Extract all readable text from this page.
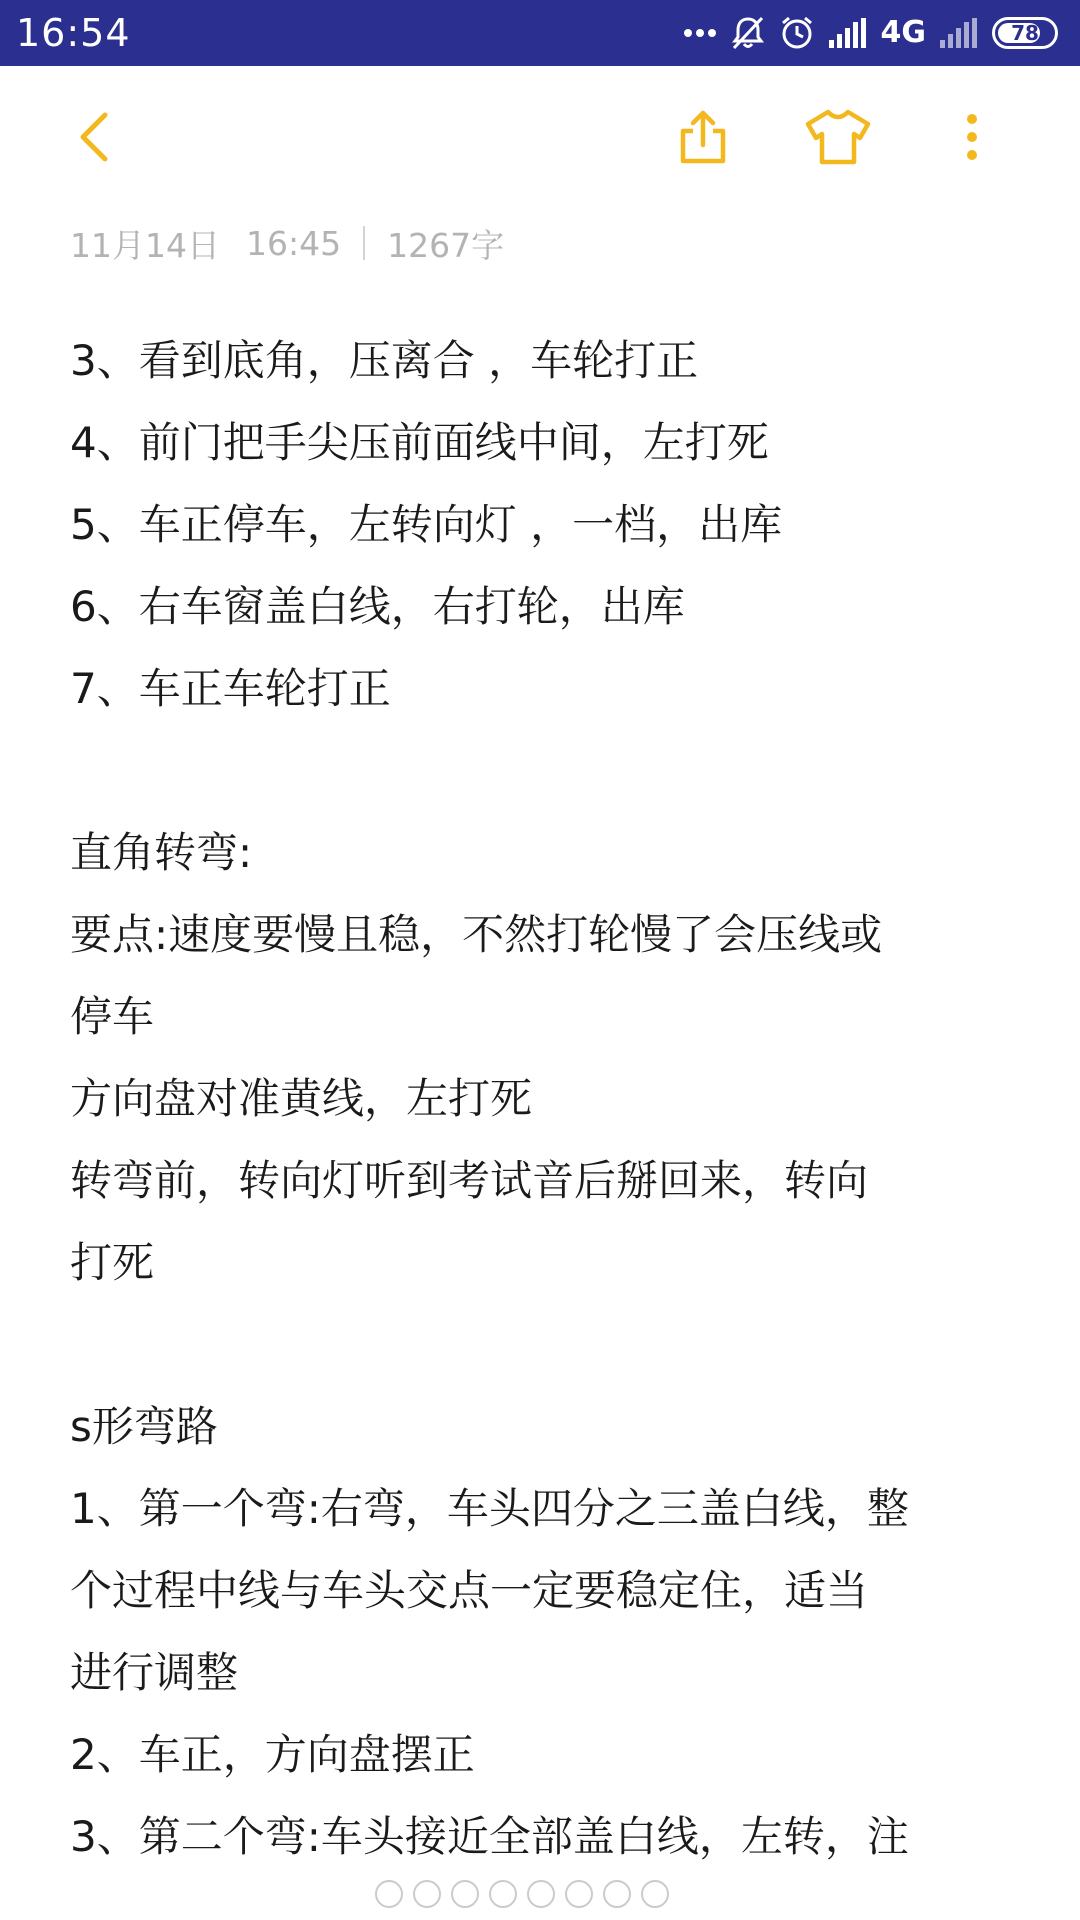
16:54	4G	78
11月14日 16:45 1267字
3、看到底角，压离合 ，车轮打正
4、前门把手尖压前面线中间，左打死
5、车正停车，左转向灯 ，一档，出库
6、右车窗盖白线，右打轮，出库
7、车正车轮打正
直角转弯:
要点:速度要慢且稳，不然打轮慢了会压线或
停车
方向盘对准黄线，左打死
转弯前，转向灯听到考试音后掰回来，转向
打死
s形弯路
1、第一个弯:右弯，车头四分之三盖白线，整
个过程中线与车头交点一定要稳定住，适当
进行调整
2、车正，方向盘摆正
3、第二个弯:车头接近全部盖白线，左转，注
